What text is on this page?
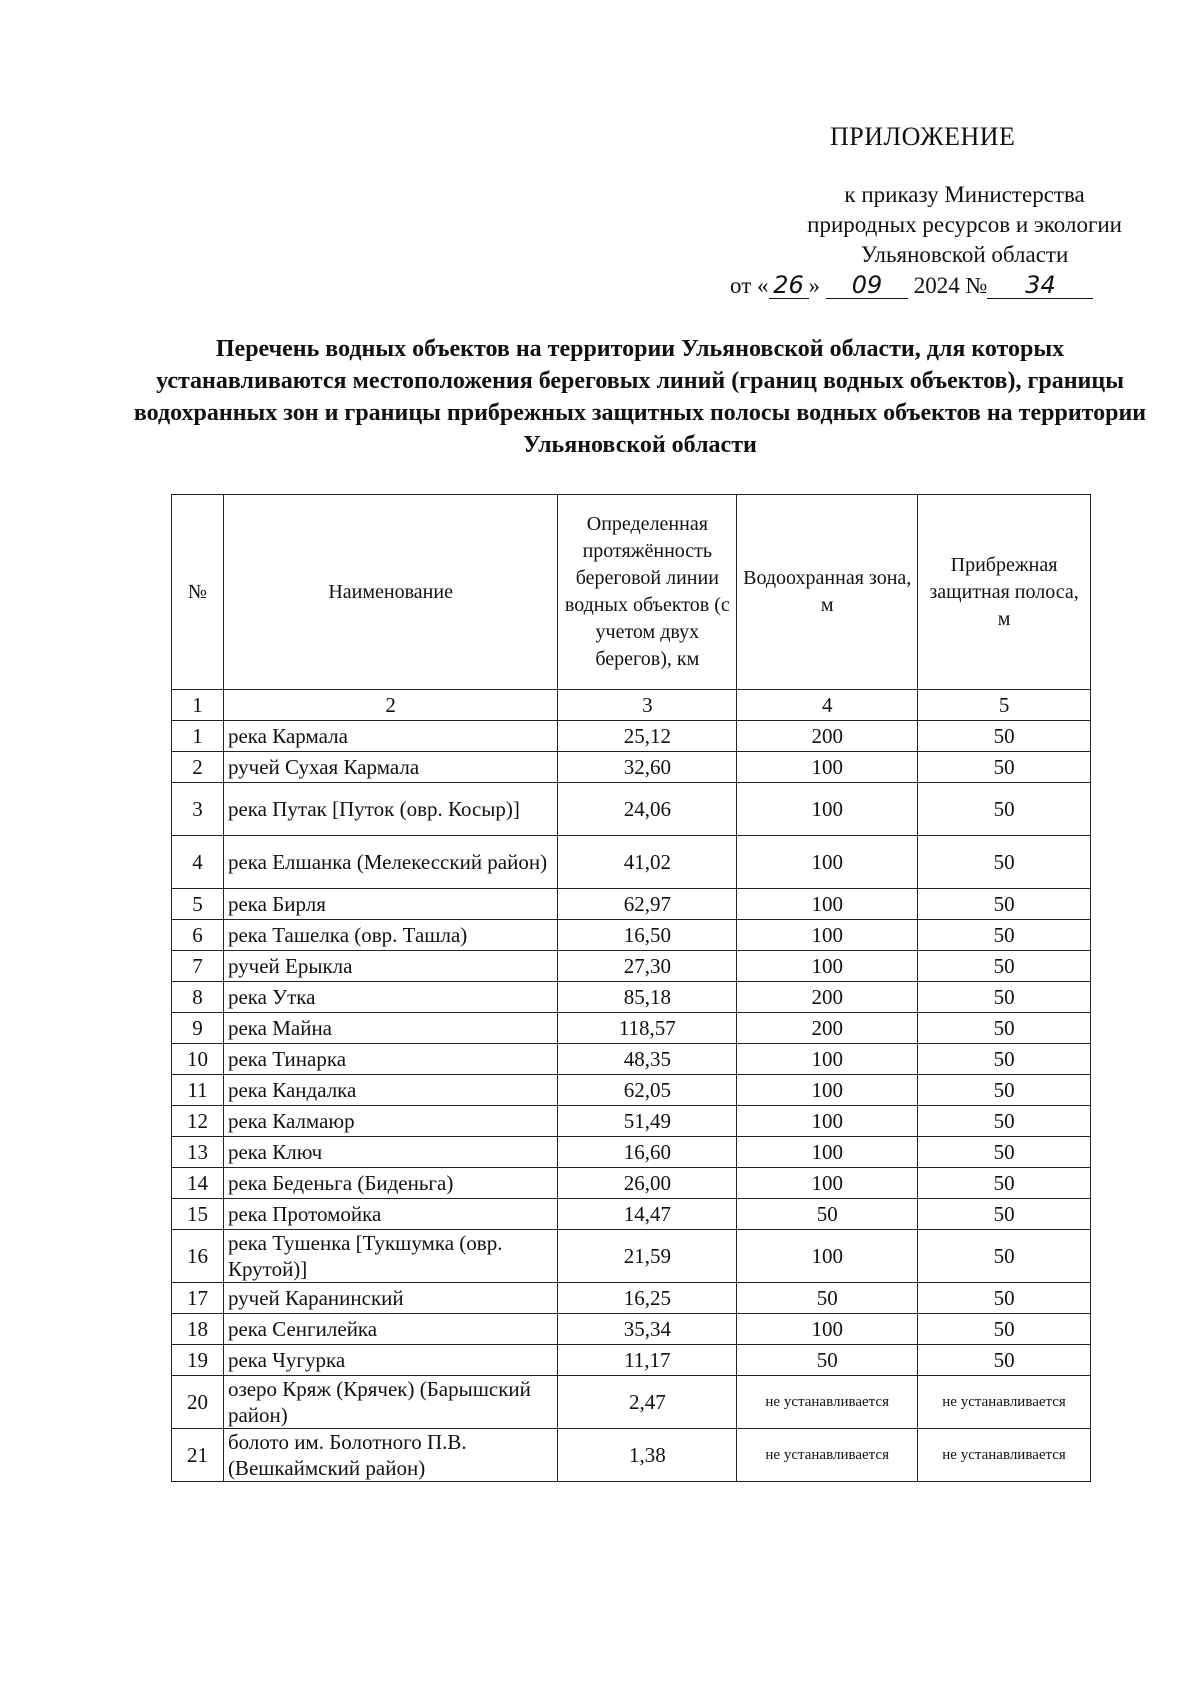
ПРИЛОЖЕНИЕ
к приказу Министерства
природных ресурсов и экологии
Ульяновской области
от « 26 » 09 2024 № 34
Перечень водных объектов на территории Ульяновской области, для которых устанавливаются местоположения береговых линий (границ водных объектов), границы водохранных зон и границы прибрежных защитных полосы водных объектов на территории Ульяновской области
№	Наименование	Определенная протяжённость береговой линии водных объектов (с учетом двух берегов), км	Водоохранная зона, м	Прибрежная защитная полоса, м
1	2	3	4	5
1	река Кармала	25,12	200	50
2	ручей Сухая Кармала	32,60	100	50
3	река Путак [Путок (овр. Косыр)]	24,06	100	50
4	река Елшанка (Мелекесский район)	41,02	100	50
5	река Бирля	62,97	100	50
6	река Ташелка (овр. Ташла)	16,50	100	50
7	ручей Ерыкла	27,30	100	50
8	река Утка	85,18	200	50
9	река Майна	118,57	200	50
10	река Тинарка	48,35	100	50
11	река Кандалка	62,05	100	50
12	река Калмаюр	51,49	100	50
13	река Ключ	16,60	100	50
14	река Беденьга (Биденьга)	26,00	100	50
15	река Протомойка	14,47	50	50
16	река Тушенка [Тукшумка (овр. Крутой)]	21,59	100	50
17	ручей Каранинский	16,25	50	50
18	река Сенгилейка	35,34	100	50
19	река Чугурка	11,17	50	50
20	озеро Кряж (Крячек) (Барышский район)	2,47	не устанавливается	не устанавливается
21	болото им. Болотного П.В. (Вешкаймский район)	1,38	не устанавливается	не устанавливается
